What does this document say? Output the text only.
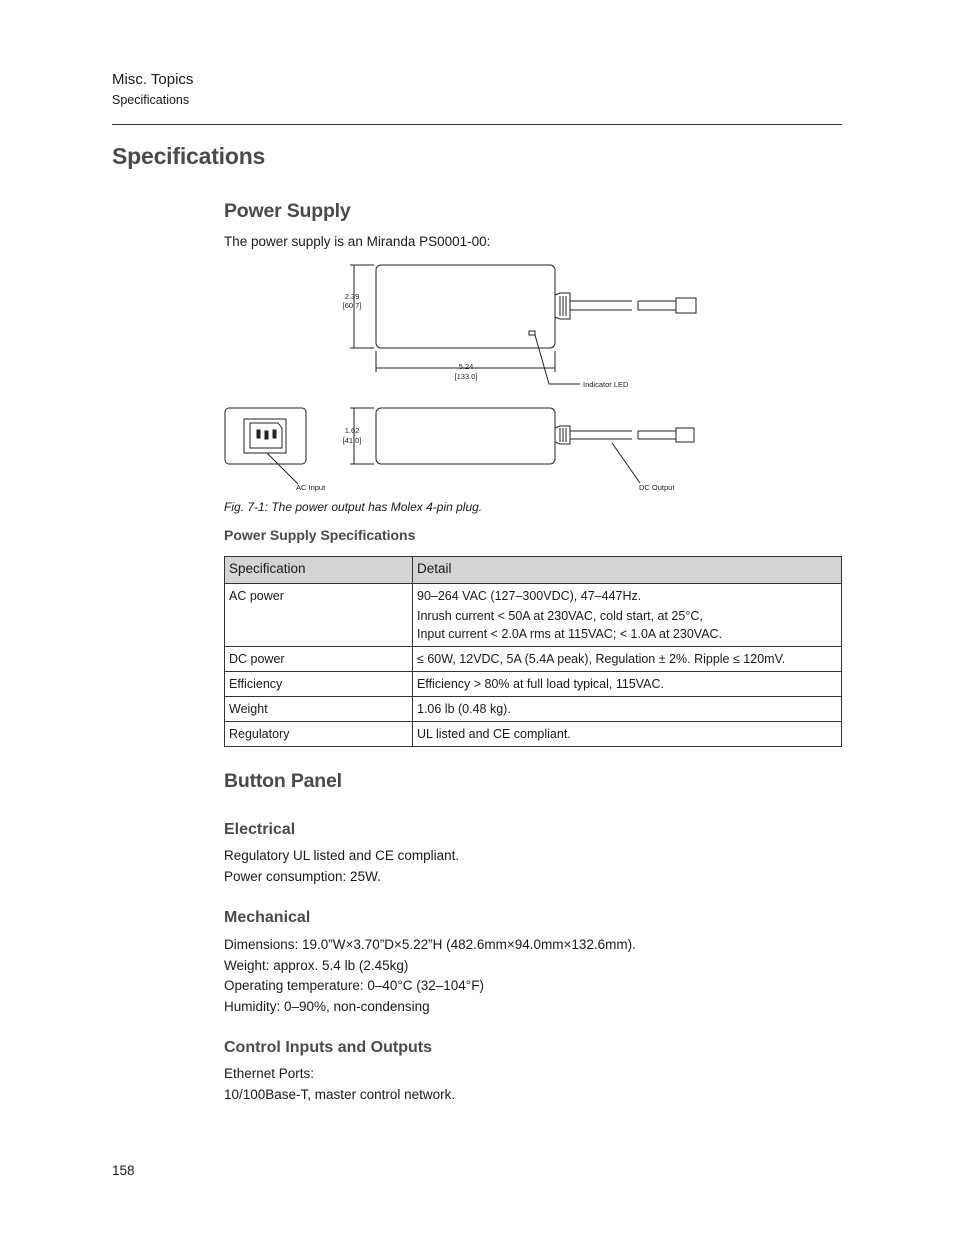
Misc. Topics
Specifications
Specifications
Power Supply
The power supply is an Miranda PS0001-00:
2.39
[60.7]
5.24
[133.0]
Indicator LED
1.62
[41.0]
AC Input	DC Output
Fig. 7-1: The power output has Molex 4-pin plug.
Power Supply Specifications
Specification	Detail
AC power	90–264 VAC (127–300VDC), 47–447Hz.
Inrush current < 50A at 230VAC, cold start, at 25°C,
Input current < 2.0A rms at 115VAC; < 1.0A at 230VAC.

DC power	≤ 60W, 12VDC, 5A (5.4A peak), Regulation ± 2%. Ripple ≤ 120mV.
Efficiency	Efficiency > 80% at full load typical, 115VAC.
Weight	1.06 lb (0.48 kg).
Regulatory	UL listed and CE compliant.
Button Panel
Electrical
Regulatory UL listed and CE compliant.
Power consumption: 25W.
Mechanical
Dimensions: 19.0”W×3.70”D×5.22”H (482.6mm×94.0mm×132.6mm).
Weight: approx. 5.4 lb (2.45kg)
Operating temperature: 0–40°C (32–104°F)
Humidity: 0–90%, non-condensing
Control Inputs and Outputs
Ethernet Ports:
10/100Base-T, master control network.
158
